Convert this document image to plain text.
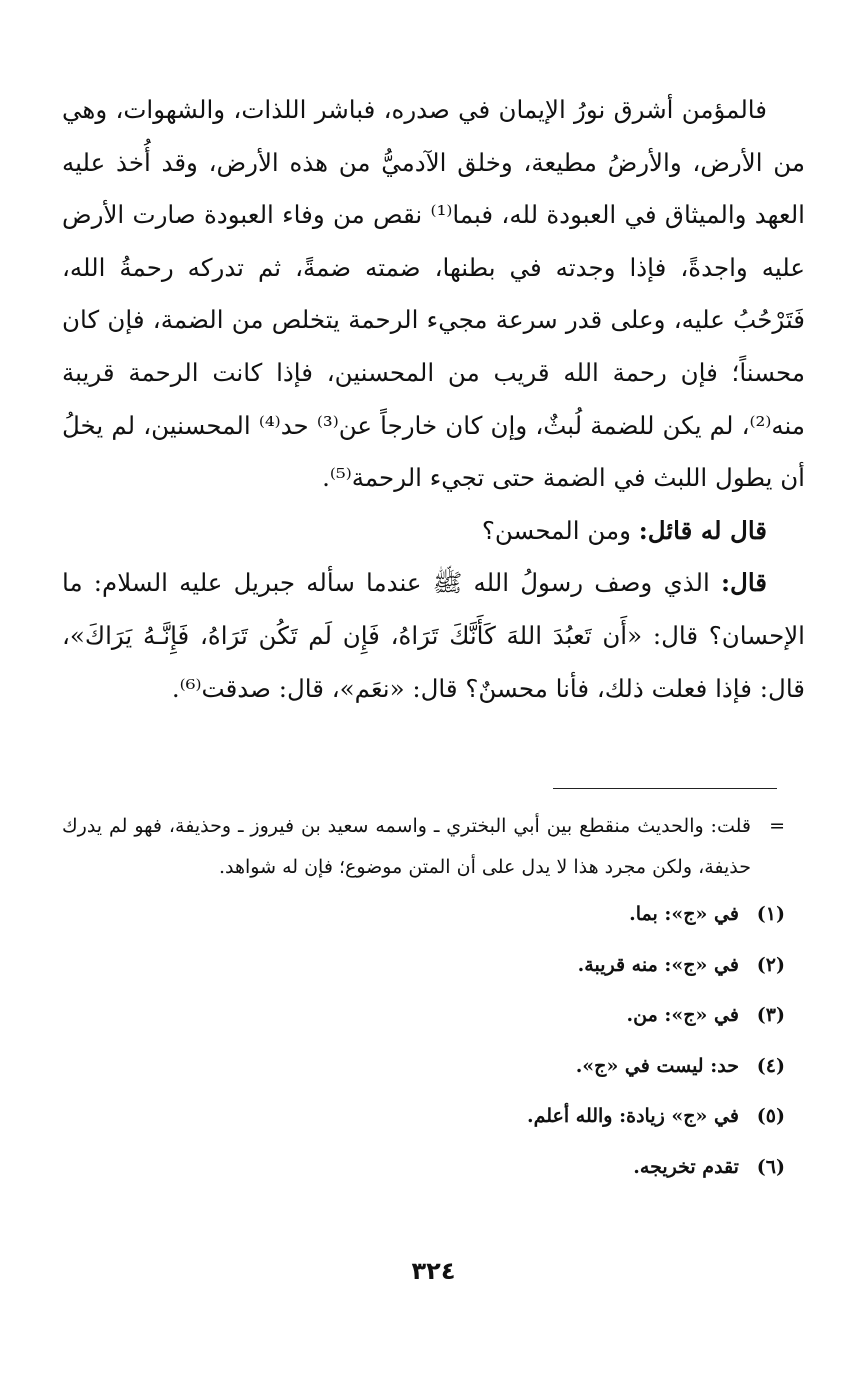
فالمؤمن أشرق نورُ الإيمان في صدره، فباشر اللذات، والشهوات، وهي من الأرض، والأرضُ مطيعة، وخلق الآدميُّ من هذه الأرض، وقد أُخذ عليه العهد والميثاق في العبودة لله، فبما⁽¹⁾ نقص من وفاء العبودة صارت الأرض عليه واجدةً، فإذا وجدته في بطنها، ضمته ضمةً، ثم تدركه رحمةُ الله، فَتَرْحُبُ عليه، وعلى قدر سرعة مجيء الرحمة يتخلص من الضمة، فإن كان محسناً؛ فإن رحمة الله قريب من المحسنين، فإذا كانت الرحمة قريبة منه⁽²⁾، لم يكن للضمة لُبثٌ، وإن كان خارجاً عن⁽³⁾ حد⁽⁴⁾ المحسنين، لم يخلُ أن يطول اللبث في الضمة حتى تجيء الرحمة⁽⁵⁾.

قال له قائل: ومن المحسن؟

قال: الذي وصف رسولُ الله ﷺ عندما سأله جبريل عليه السلام: ما الإحسان؟ قال: «أَن تَعبُدَ اللهَ كَأَنَّكَ تَرَاهُ، فَإِن لَم تَكُن تَرَاهُ، فَإِنَّـهُ يَرَاكَ»، قال: فإذا فعلت ذلك، فأنا محسنٌ؟ قال: «نعَم»، قال: صدقت⁽⁶⁾.

=
قلت: والحديث منقطع بين أبي البختري ـ واسمه سعيد بن فيروز ـ وحذيفة، فهو لم يدرك حذيفة، ولكن مجرد هذا لا يدل على أن المتن موضوع؛ فإن له شواهد.

(١) في «ج»: بما.
(٢) في «ج»: منه قريبة.
(٣) في «ج»: من.
(٤) حد: ليست في «ج».
(٥) في «ج» زيادة: والله أعلم.
(٦) تقدم تخريجه.
٣٢٤
